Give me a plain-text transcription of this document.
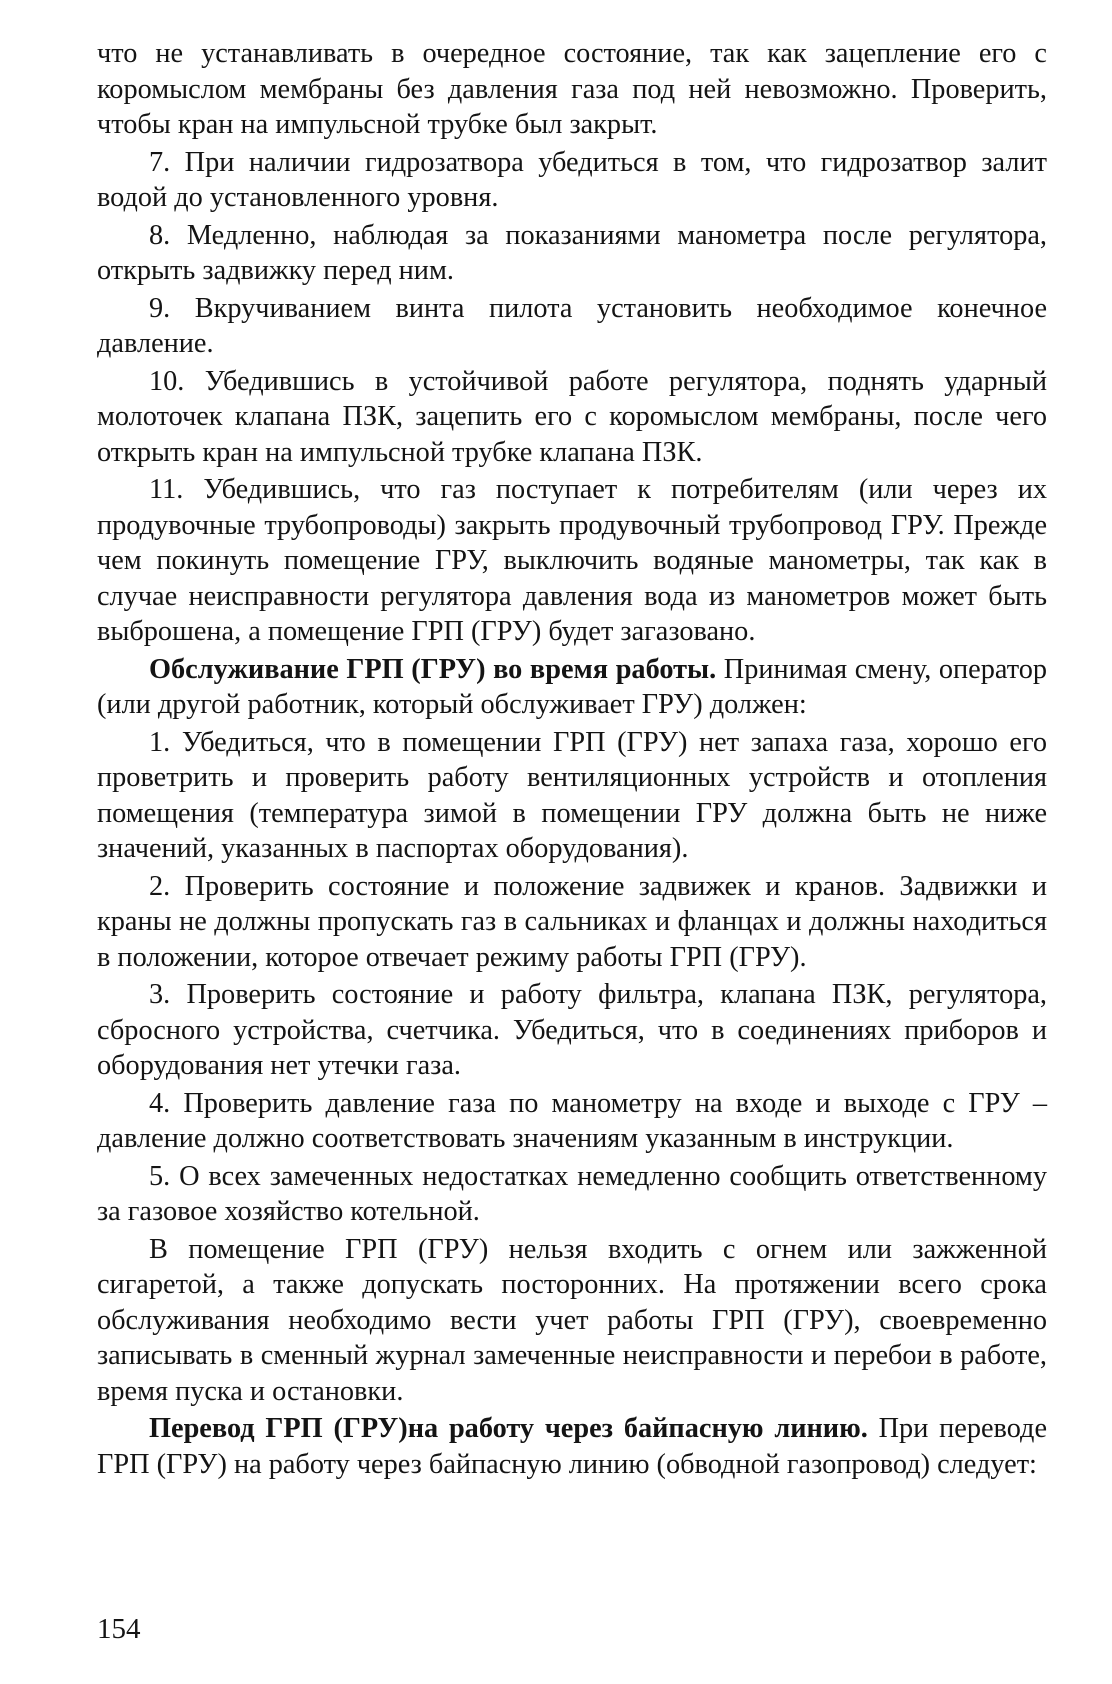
что не устанавливать в очередное состояние, так как зацепление его с коромыслом мембраны без давления газа под ней невозможно. Проверить, чтобы кран на импульсной трубке был закрыт.

7. При наличии гидрозатвора убедиться в том, что гидрозатвор залит водой до установленного уровня.

8. Медленно, наблюдая за показаниями манометра после регулятора, открыть задвижку перед ним.

9. Вкручиванием винта пилота установить необходимое конечное давление.

10. Убедившись в устойчивой работе регулятора, поднять ударный молоточек клапана ПЗК, зацепить его с коромыслом мембраны, после чего открыть кран на импульсной трубке клапана ПЗК.

11. Убедившись, что газ поступает к потребителям (или через их продувочные трубопроводы) закрыть продувочный трубопровод ГРУ. Прежде чем покинуть помещение ГРУ, выключить водяные манометры, так как в случае неисправности регулятора давления вода из манометров может быть выброшена, а помещение ГРП (ГРУ) будет загазовано.

Обслуживание ГРП (ГРУ) во время работы. Принимая смену, оператор (или другой работник, который обслуживает ГРУ) должен:

1. Убедиться, что в помещении ГРП (ГРУ) нет запаха газа, хорошо его проветрить и проверить работу вентиляционных устройств и отопления помещения (температура зимой в помещении ГРУ должна быть не ниже значений, указанных в паспортах оборудования).

2. Проверить состояние и положение задвижек и кранов. Задвижки и краны не должны пропускать газ в сальниках и фланцах и должны находиться в положении, которое отвечает режиму работы ГРП (ГРУ).

3. Проверить состояние и работу фильтра, клапана ПЗК, регулятора, сбросного устройства, счетчика. Убедиться, что в соединениях приборов и оборудования нет утечки газа.

4. Проверить давление газа по манометру на входе и выходе с ГРУ – давление должно соответствовать значениям указанным в инструкции.

5. О всех замеченных недостатках немедленно сообщить ответственному за газовое хозяйство котельной.

В помещение ГРП (ГРУ) нельзя входить с огнем или зажженной сигаретой, а также допускать посторонних. На протяжении всего срока обслуживания необходимо вести учет работы ГРП (ГРУ), своевременно записывать в сменный журнал замеченные неисправности и перебои в работе, время пуска и остановки.

Перевод ГРП (ГРУ)на работу через байпасную линию. При переводе ГРП (ГРУ) на работу через байпасную линию (обводной газопровод) следует:

154
